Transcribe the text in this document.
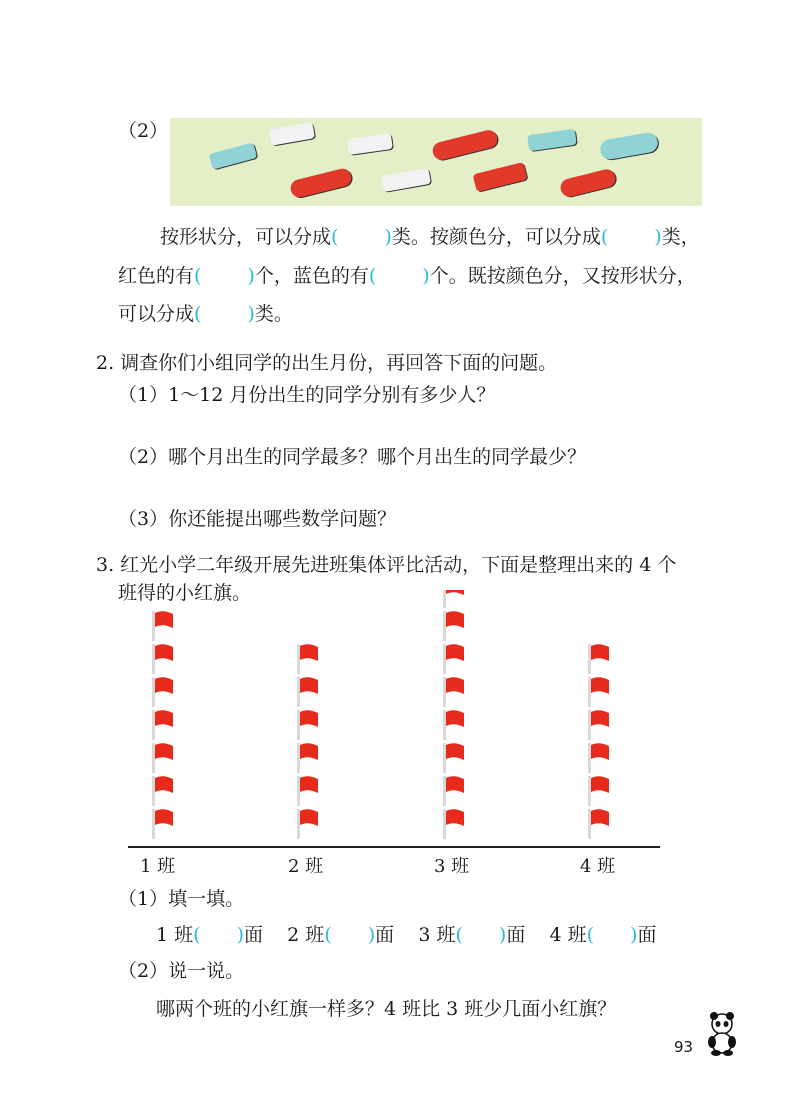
（2）
按形状分，可以分成( )类。按颜色分，可以分成( )类，
红色的有( )个，蓝色的有( )个。既按颜色分，又按形状分，
可以分成( )类。
2. 调查你们小组同学的出生月份，再回答下面的问题。
（1）1～12 月份出生的同学分别有多少人？
（2）哪个月出生的同学最多？哪个月出生的同学最少？
（3）你还能提出哪些数学问题？
3. 红光小学二年级开展先进班集体评比活动，下面是整理出来的 4 个
班得的小红旗。
1 班	2 班	3 班	4 班
（1）填一填。
1 班( )面 2 班( )面 3 班( )面 4 班( )面
（2）说一说。
哪两个班的小红旗一样多？4 班比 3 班少几面小红旗？
93
